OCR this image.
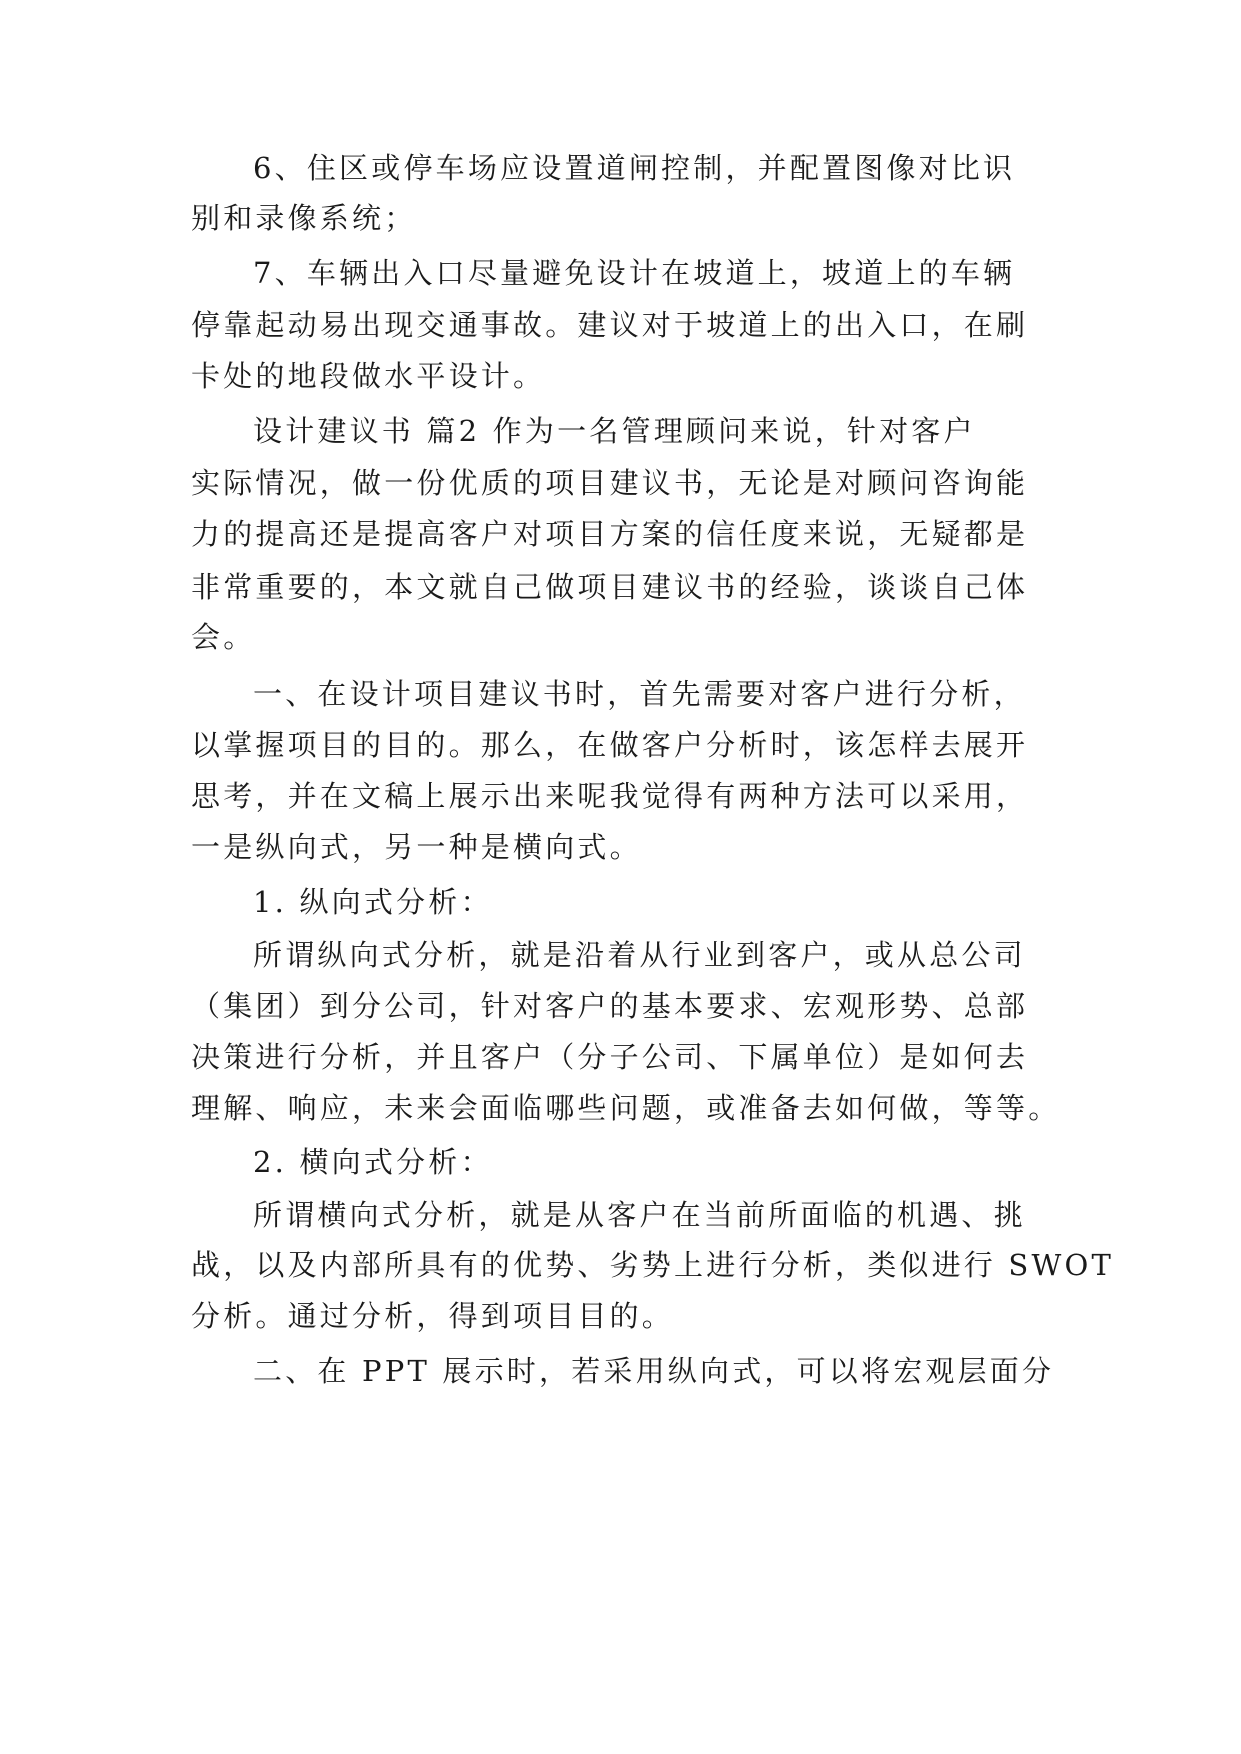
6、住区或停车场应设置道闸控制，并配置图像对比识
别和录像系统；
7、车辆出入口尽量避免设计在坡道上，坡道上的车辆
停靠起动易出现交通事故。建议对于坡道上的出入口，在刷
卡处的地段做水平设计。
设计建议书 篇2 作为一名管理顾问来说，针对客户
实际情况，做一份优质的项目建议书，无论是对顾问咨询能
力的提高还是提高客户对项目方案的信任度来说，无疑都是
非常重要的，本文就自己做项目建议书的经验，谈谈自己体
会。
一、在设计项目建议书时，首先需要对客户进行分析，
以掌握项目的目的。那么，在做客户分析时，该怎样去展开
思考，并在文稿上展示出来呢我觉得有两种方法可以采用，
一是纵向式，另一种是横向式。
1. 纵向式分析：
所谓纵向式分析，就是沿着从行业到客户，或从总公司
（集团）到分公司，针对客户的基本要求、宏观形势、总部
决策进行分析，并且客户（分子公司、下属单位）是如何去
理解、响应，未来会面临哪些问题，或准备去如何做，等等。
2. 横向式分析：
所谓横向式分析，就是从客户在当前所面临的机遇、挑
战，以及内部所具有的优势、劣势上进行分析，类似进行 SWOT
分析。通过分析，得到项目目的。
二、在 PPT 展示时，若采用纵向式，可以将宏观层面分
